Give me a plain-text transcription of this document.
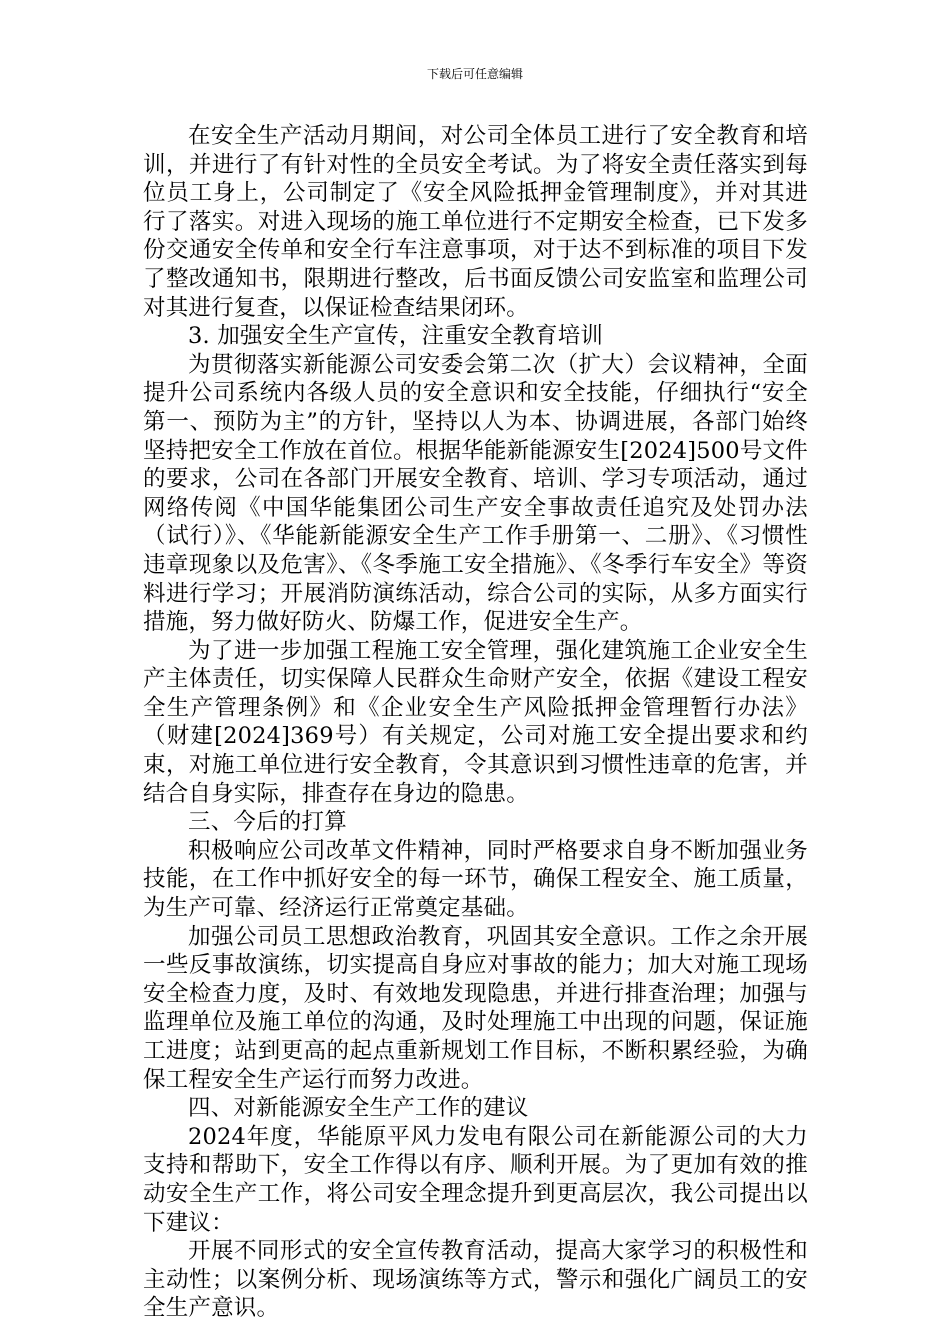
下载后可任意编辑

在安全生产活动月期间，对公司全体员工进行了安全教育和培训，并进行了有针对性的全员安全考试。为了将安全责任落实到每位员工身上，公司制定了《安全风险抵押金管理制度》，并对其进行了落实。对进入现场的施工单位进行不定期安全检查，已下发多份交通安全传单和安全行车注意事项，对于达不到标准的项目下发了整改通知书，限期进行整改，后书面反馈公司安监室和监理公司对其进行复查，以保证检查结果闭环。

3. 加强安全生产宣传，注重安全教育培训

为贯彻落实新能源公司安委会第二次（扩大）会议精神，全面提升公司系统内各级人员的安全意识和安全技能，仔细执行“安全第一、预防为主”的方针，坚持以人为本、协调进展，各部门始终坚持把安全工作放在首位。根据华能新能源安生[2024]500号文件的要求，公司在各部门开展安全教育、培训、学习专项活动，通过网络传阅《中国华能集团公司生产安全事故责任追究及处罚办法（试行）》、《华能新能源安全生产工作手册第一、二册》、《习惯性违章现象以及危害》、《冬季施工安全措施》、《冬季行车安全》等资料进行学习；开展消防演练活动，综合公司的实际，从多方面实行措施，努力做好防火、防爆工作，促进安全生产。

为了进一步加强工程施工安全管理，强化建筑施工企业安全生产主体责任，切实保障人民群众生命财产安全，依据《建设工程安全生产管理条例》和《企业安全生产风险抵押金管理暂行办法》（财建[2024]369号）有关规定，公司对施工安全提出要求和约束，对施工单位进行安全教育，令其意识到习惯性违章的危害，并结合自身实际，排查存在身边的隐患。

三、今后的打算

积极响应公司改革文件精神，同时严格要求自身不断加强业务技能，在工作中抓好安全的每一环节，确保工程安全、施工质量，为生产可靠、经济运行正常奠定基础。

加强公司员工思想政治教育，巩固其安全意识。工作之余开展一些反事故演练，切实提高自身应对事故的能力；加大对施工现场安全检查力度，及时、有效地发现隐患，并进行排查治理；加强与监理单位及施工单位的沟通，及时处理施工中出现的问题，保证施工进度；站到更高的起点重新规划工作目标，不断积累经验，为确保工程安全生产运行而努力改进。

四、对新能源安全生产工作的建议

2024年度，华能原平风力发电有限公司在新能源公司的大力支持和帮助下，安全工作得以有序、顺利开展。为了更加有效的推动安全生产工作，将公司安全理念提升到更高层次，我公司提出以下建议：

开展不同形式的安全宣传教育活动，提高大家学习的积极性和主动性；以案例分析、现场演练等方式，警示和强化广阔员工的安全生产意识。
